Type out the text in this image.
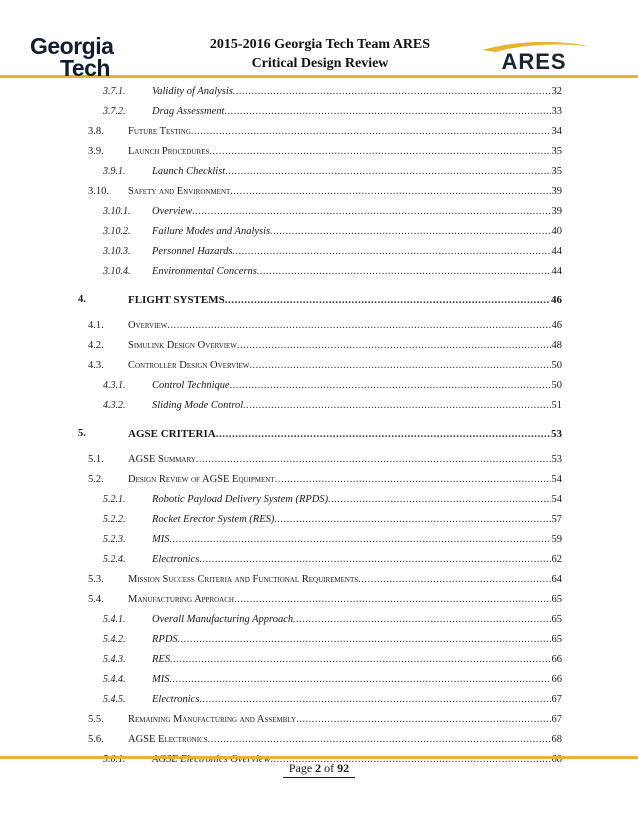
Georgia
Tech
2015-2016 Georgia Tech Team ARES
Critical Design Review	ARES
3.7.1.	Validity of Analysis .....	32
3.7.2.	Drag Assessment .....	33
3.8. Future Testing .....	34
3.9. Launch Procedures .....	35
3.9.1.	Launch Checklist .....	35
3.10. Safety and Environment .....	39
3.10.1. Overview .....	39
3.10.2. Failure Modes and Analysis .....	40
3.10.3. Personnel Hazards .....	44
3.10.4. Environmental Concerns .....	44
4.	FLIGHT SYSTEMS .....	46
4.1. Overview .....	46
4.2. Simulink Design Overview .....	48
4.3. Controller Design Overview .....	50
4.3.1.	Control Technique .....	50
4.3.2.	Sliding Mode Control .....	51
5.	AGSE CRITERIA .....	53
5.1. AGSE Summary .....	53
5.2. Design Review of AGSE Equipment .....	54
5.2.1.	Robotic Payload Delivery System (RPDS) .....	54
5.2.2.	Rocket Erector System (RES) .....	57
5.2.3.	MIS .....	59
5.2.4.	Electronics .....	62
5.3. Mission Success Criteria and Functional Requirements .....	64
5.4. Manufacturing Approach .....	65
5.4.1.	Overall Manufacturing Approach .....	65
5.4.2.	RPDS .....	65
5.4.3.	RES .....	66
5.4.4.	MIS .....	66
5.4.5.	Electronics .....	67
5.5. Remaining Manufacturing and Assembly .....	67
5.6. AGSE Electronics .....	68
5.6.1.	AGSE Electronics Overview .....	68
Page 2 of 92
